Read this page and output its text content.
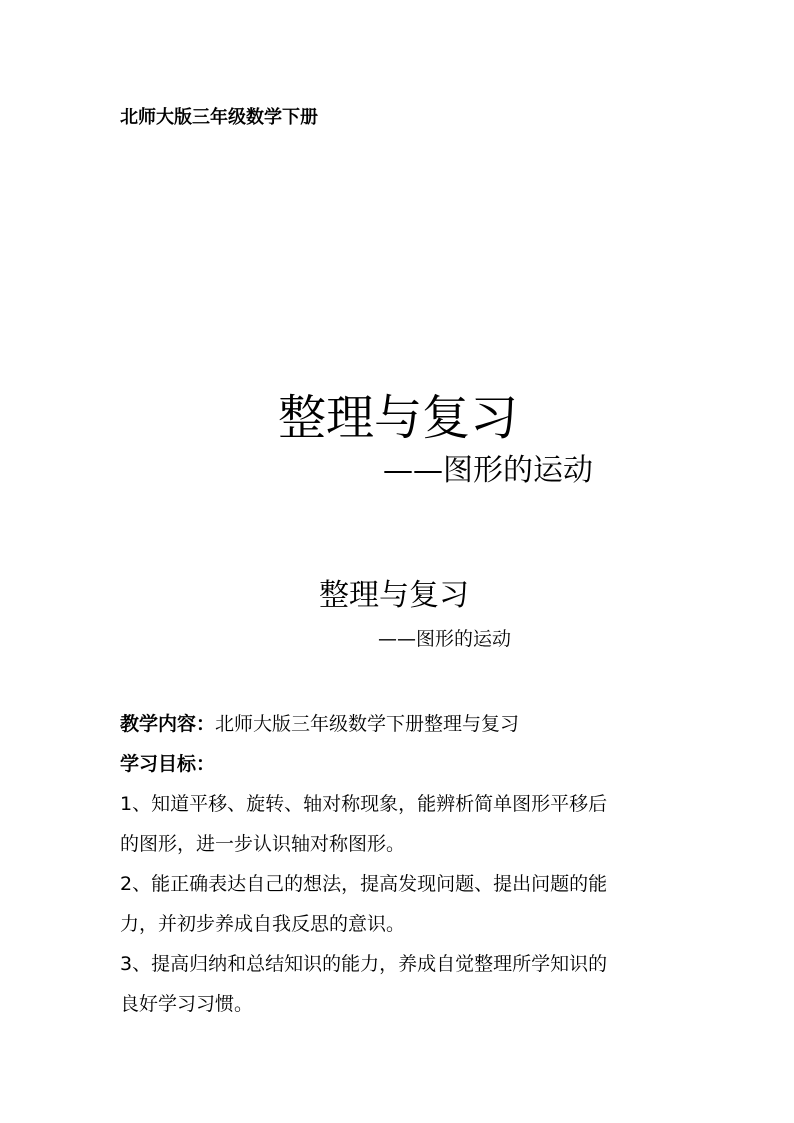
北师大版三年级数学下册
整理与复习
——图形的运动
整理与复习
——图形的运动

教学内容：北师大版三年级数学下册整理与复习

学习目标：

1、知道平移、旋转、轴对称现象，能辨析简单图形平移后

的图形，进一步认识轴对称图形。

2、能正确表达自己的想法，提高发现问题、提出问题的能

力，并初步养成自我反思的意识。

3、提高归纳和总结知识的能力，养成自觉整理所学知识的

良好学习习惯。
